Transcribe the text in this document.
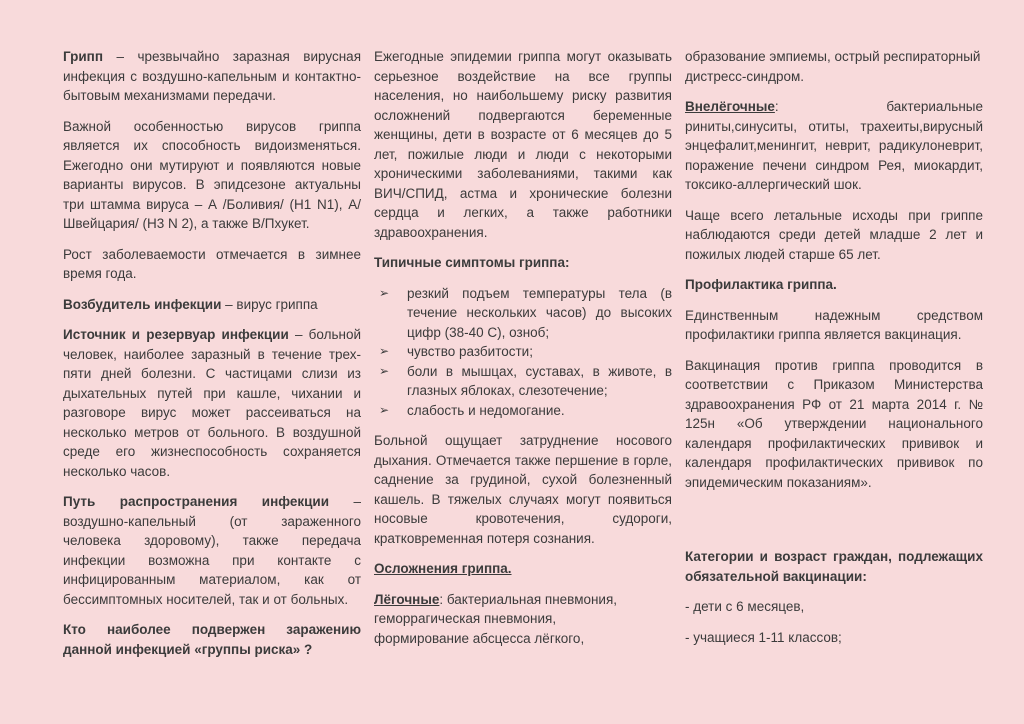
Грипп – чрезвычайно заразная вирусная инфекция с воздушно-капельным и контактно-бытовым механизмами передачи.

Важной особенностью вирусов гриппа является их способность видоизменяться. Ежегодно они мутируют и появляются новые варианты вирусов. В эпидсезоне актуальны три штамма вируса – А /Боливия/ (H1 N1), А/Швейцария/ (H3 N 2), а также В/Пхукет.

Рост заболеваемости отмечается в зимнее время года.

Возбудитель инфекции – вирус гриппа

Источник и резервуар инфекции – больной человек, наиболее заразный в течение трех-пяти дней болезни. С частицами слизи из дыхательных путей при кашле, чихании и разговоре вирус может рассеиваться на несколько метров от больного. В воздушной среде его жизнеспособность сохраняется несколько часов.

Путь распространения инфекции – воздушно-капельный (от зараженного человека здоровому), также передача инфекции возможна при контакте с инфицированным материалом, как от бессимптомных носителей, так и от больных.

Кто наиболее подвержен заражению данной инфекцией «группы риска» ?

Ежегодные эпидемии гриппа могут оказывать серьезное воздействие на все группы населения, но наибольшему риску развития осложнений подвергаются беременные женщины, дети в возрасте от 6 месяцев до 5 лет, пожилые люди и люди с некоторыми хроническими заболеваниями, такими как ВИЧ/СПИД, астма и хронические болезни сердца и легких, а также работники здравоохранения.

Типичные симптомы гриппа:

➢	резкий подъем температуры тела (в течение нескольких часов) до высоких цифр (38-40 С), озноб;
➢	чувство разбитости;
➢	боли в мышцах, суставах, в животе, в глазных яблоках, слезотечение;
➢	слабость и недомогание.

Больной ощущает затруднение носового дыхания. Отмечается также першение в горле, саднение за грудиной, сухой болезненный кашель. В тяжелых случаях могут появиться носовые кровотечения, судороги, кратковременная потеря сознания.

Осложнения гриппа.

Лёгочные: бактериальная пневмония,
геморрагическая пневмония,
формирование абсцесса лёгкого,

образование эмпиемы, острый респираторный дистресс-синдром.

Внелёгочные: бактериальные риниты,синуситы, отиты, трахеиты,вирусный энцефалит,менингит, неврит, радикулоневрит, поражение печени синдром Рея, миокардит, токсико-аллергический шок.

Чаще всего летальные исходы при гриппе наблюдаются среди детей младше 2 лет и пожилых людей старше 65 лет.

Профилактика гриппа.

Единственным надежным средством профилактики гриппа является вакцинация.

Вакцинация против гриппа проводится в соответствии с Приказом Министерства здравоохранения РФ от 21 марта 2014 г. № 125н «Об утверждении национального календаря профилактических прививок и календаря профилактических прививок по эпидемическим показаниям».

Категории и возраст граждан, подлежащих обязательной вакцинации:

- дети с 6 месяцев,

- учащиеся 1-11 классов;
